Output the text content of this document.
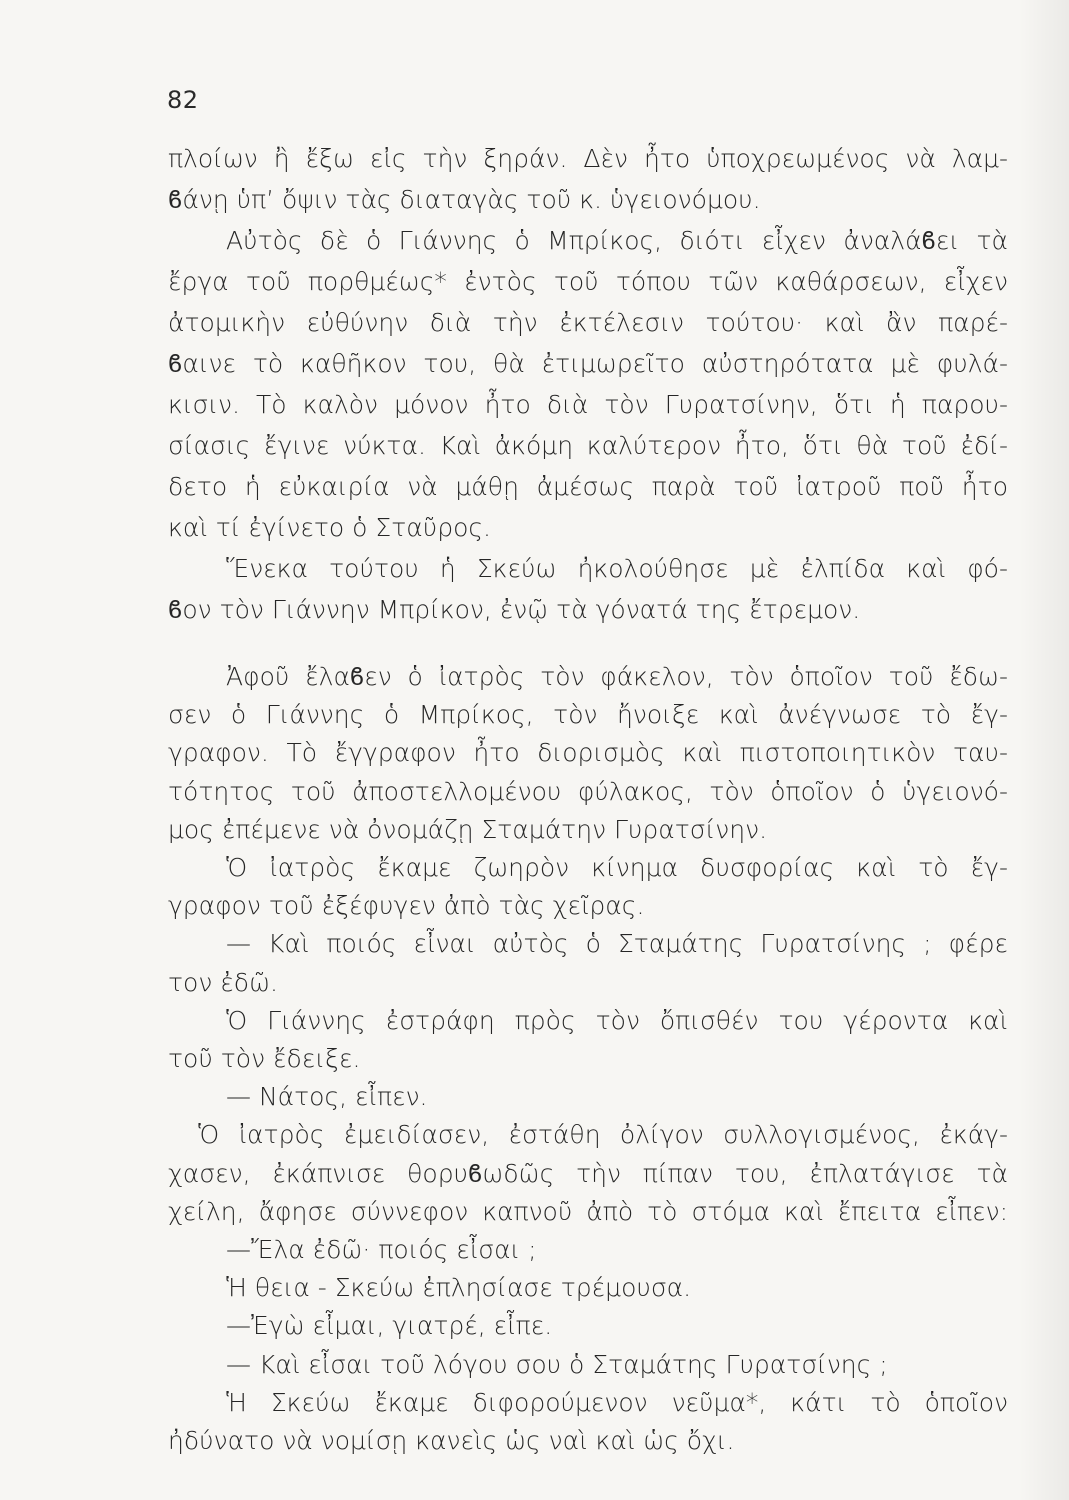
82
πλοίων ἢ ἔξω εἰς τὴν ξηράν. Δὲν ἦτο ὑποχρεωμένος νὰ λαμ-
ϐάνῃ ὑπ’ ὄψιν τὰς διαταγὰς τοῦ κ. ὑγειονόμου.
Αὐτὸς δὲ ὁ Γιάννης ὁ Μπρίκος, διότι εἶχεν ἀναλάϐει τὰ
ἔργα τοῦ πορθμέως* ἐντὸς τοῦ τόπου τῶν καθάρσεων, εἶχεν
ἀτομικὴν εὐθύνην διὰ τὴν ἐκτέλεσιν τούτου· καὶ ἂν παρέ-
ϐαινε τὸ καθῆκον του, θὰ ἐτιμωρεῖτο αὐστηρότατα μὲ φυλά-
κισιν. Τὸ καλὸν μόνον ἦτο διὰ τὸν Γυρατσίνην, ὅτι ἡ παρου-
σίασις ἔγινε νύκτα. Καὶ ἀκόμη καλύτερον ἦτο, ὅτι θὰ τοῦ ἐδί-
δετο ἡ εὐκαιρία νὰ μάθῃ ἀμέσως παρὰ τοῦ ἰατροῦ ποῦ ἦτο
καὶ τί ἐγίνετο ὁ Σταῦρος.
Ἕνεκα τούτου ἡ Σκεύω ἠκολούθησε μὲ ἐλπίδα καὶ φό-
ϐον τὸν Γιάννην Μπρίκον, ἐνῷ τὰ γόνατά της ἔτρεμον.
Ἀφοῦ ἔλαϐεν ὁ ἰατρὸς τὸν φάκελον, τὸν ὁποῖον τοῦ ἔδω-
σεν ὁ Γιάννης ὁ Μπρίκος, τὸν ἤνοιξε καὶ ἀνέγνωσε τὸ ἔγ-
γραφον. Τὸ ἔγγραφον ἦτο διορισμὸς καὶ πιστοποιητικὸν ταυ-
τότητος τοῦ ἀποστελλομένου φύλακος, τὸν ὁποῖον ὁ ὑγειονό-
μος ἐπέμενε νὰ ὀνομάζῃ Σταμάτην Γυρατσίνην.
Ὁ ἰατρὸς ἔκαμε ζωηρὸν κίνημα δυσφορίας καὶ τὸ ἔγ-
γραφον τοῦ ἐξέφυγεν ἀπὸ τὰς χεῖρας.
— Καὶ ποιός εἶναι αὐτὸς ὁ Σταμάτης Γυρατσίνης ; φέρε
τον ἐδῶ.
Ὁ Γιάννης ἐστράφη πρὸς τὸν ὄπισθέν του γέροντα καὶ
τοῦ τὸν ἔδειξε.
— Νάτος, εἶπεν.
Ὁ ἰατρὸς ἐμειδίασεν, ἐστάθη ὀλίγον συλλογισμένος, ἐκάγ-
χασεν, ἐκάπνισε θορυϐωδῶς τὴν πίπαν του, ἐπλατάγισε τὰ
χείλη, ἄφησε σύννεφον καπνοῦ ἀπὸ τὸ στόμα καὶ ἔπειτα εἶπεν:
—Ἔλα ἐδῶ· ποιός εἶσαι ;
Ἡ θεια - Σκεύω ἐπλησίασε τρέμουσα.
—Ἐγὼ εἶμαι, γιατρέ, εἶπε.
— Καὶ εἶσαι τοῦ λόγου σου ὁ Σταμάτης Γυρατσίνης ;
Ἡ Σκεύω ἔκαμε διφορούμενον νεῦμα*, κάτι τὸ ὁποῖον
ἠδύνατο νὰ νομίσῃ κανεὶς ὡς ναὶ καὶ ὡς ὄχι.
